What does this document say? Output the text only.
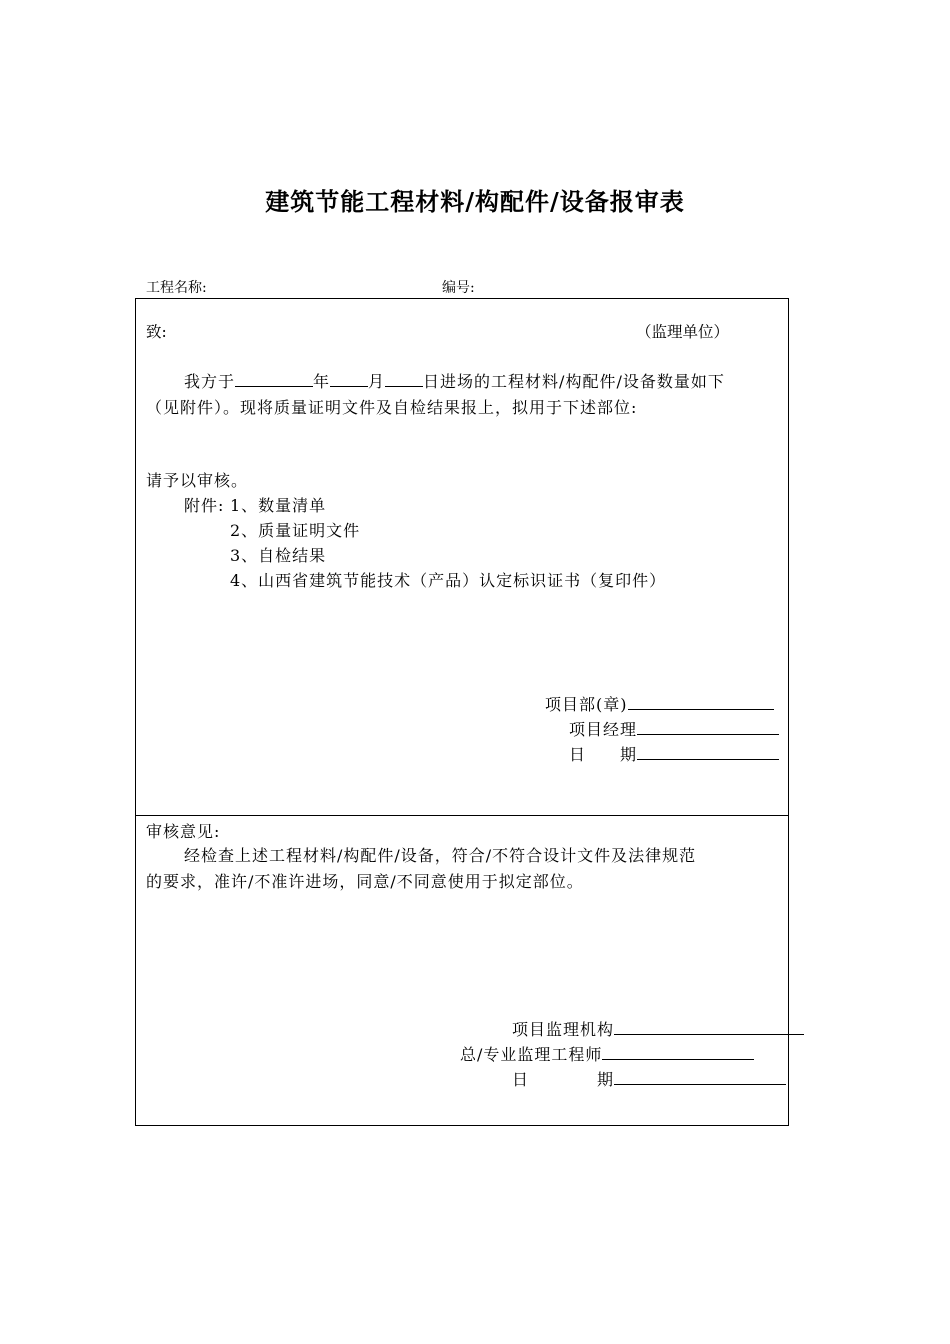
建筑节能工程材料/构配件/设备报审表
工程名称:	编号:
致:	（监理单位）
我方于	年 月 日进场的工程材料/构配件/设备数量如下
（见附件）。现将质量证明文件及自检结果报上，拟用于下述部位:
请予以审核。
附件: 1、数量清单
2、质量证明文件
3、自检结果
4、山西省建筑节能技术（产品）认定标识证书（复印件）
项目部(章)
项目经理
日　　期
审核意见:
经检查上述工程材料/构配件/设备，符合/不符合设计文件及法律规范
的要求，准许/不准许进场，同意/不同意使用于拟定部位。
项目监理机构
总/专业监理工程师
日　　　　期
